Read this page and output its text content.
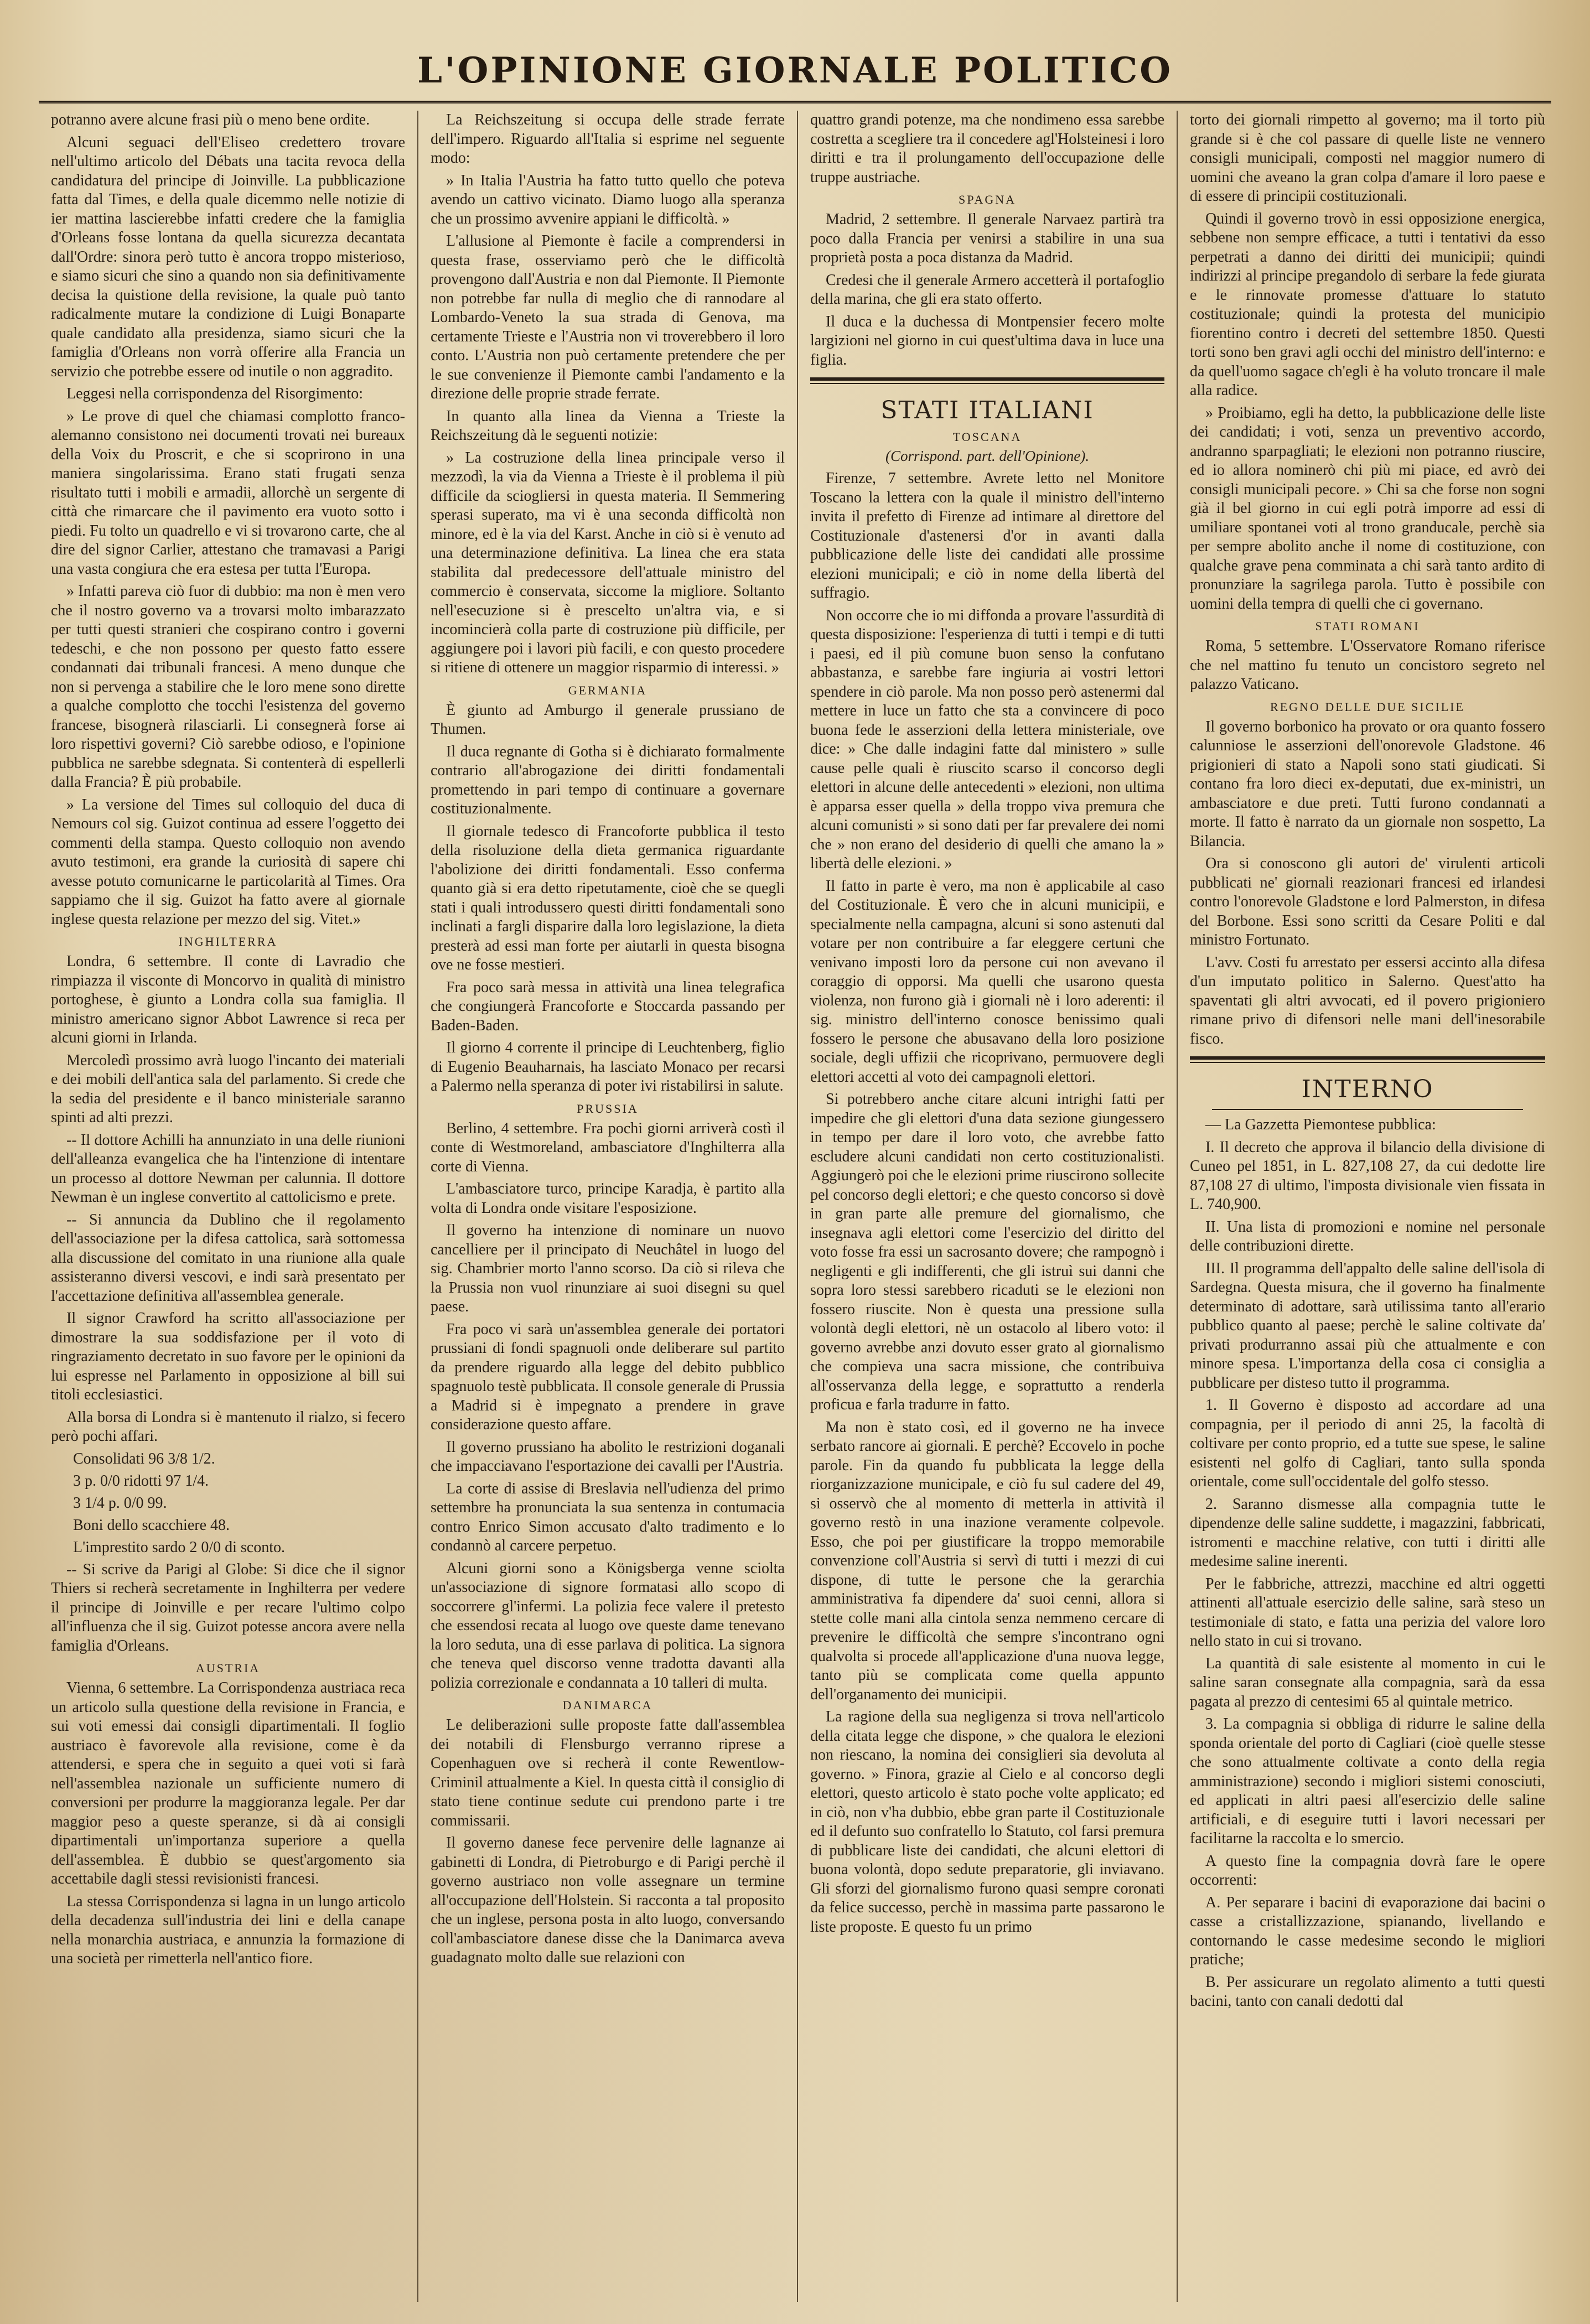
L'OPINIONE GIORNALE POLITICO

potranno avere alcune frasi più o meno bene ordite.

Alcuni seguaci dell'Eliseo credettero trovare nell'ultimo articolo del Débats una tacita revoca della candidatura del principe di Joinville. La pubblicazione fatta dal Times, e della quale dicemmo nelle notizie di ier mattina lascierebbe infatti credere che la famiglia d'Orleans fosse lontana da quella sicurezza decantata dall'Ordre: sinora però tutto è ancora troppo misterioso, e siamo sicuri che sino a quando non sia definitivamente decisa la quistione della revisione, la quale può tanto radicalmente mutare la condizione di Luigi Bonaparte quale candidato alla presidenza, siamo sicuri che la famiglia d'Orleans non vorrà offerire alla Francia un servizio che potrebbe essere od inutile o non aggradito.

Leggesi nella corrispondenza del Risorgimento:

» Le prove di quel che chiamasi complotto franco-alemanno consistono nei documenti trovati nei bureaux della Voix du Proscrit, e che si scoprirono in una maniera singolarissima. Erano stati frugati senza risultato tutti i mobili e armadii, allorchè un sergente di città che rimarcare che il pavimento era vuoto sotto i piedi. Fu tolto un quadrello e vi si trovarono carte, che al dire del signor Carlier, attestano che tramavasi a Parigi una vasta congiura che era estesa per tutta l'Europa.

» Infatti pareva ciò fuor di dubbio: ma non è men vero che il nostro governo va a trovarsi molto imbarazzato per tutti questi stranieri che cospirano contro i governi tedeschi, e che non possono per questo fatto essere condannati dai tribunali francesi. A meno dunque che non si pervenga a stabilire che le loro mene sono dirette a qualche complotto che tocchi l'esistenza del governo francese, bisognerà rilasciarli. Li consegnerà forse ai loro rispettivi governi? Ciò sarebbe odioso, e l'opinione pubblica ne sarebbe sdegnata. Si contenterà di espellerli dalla Francia? È più probabile.

» La versione del Times sul colloquio del duca di Nemours col sig. Guizot continua ad essere l'oggetto dei commenti della stampa. Questo colloquio non avendo avuto testimoni, era grande la curiosità di sapere chi avesse potuto comunicarne le particolarità al Times. Ora sappiamo che il sig. Guizot ha fatto avere al giornale inglese questa relazione per mezzo del sig. Vitet.»

INGHILTERRA

Londra, 6 settembre. Il conte di Lavradio che rimpiazza il visconte di Moncorvo in qualità di ministro portoghese, è giunto a Londra colla sua famiglia. Il ministro americano signor Abbot Lawrence si reca per alcuni giorni in Irlanda.

Mercoledì prossimo avrà luogo l'incanto dei materiali e dei mobili dell'antica sala del parlamento. Si crede che la sedia del presidente e il banco ministeriale saranno spinti ad alti prezzi.

-- Il dottore Achilli ha annunziato in una delle riunioni dell'alleanza evangelica che ha l'intenzione di intentare un processo al dottore Newman per calunnia. Il dottore Newman è un inglese convertito al cattolicismo e prete.

-- Si annuncia da Dublino che il regolamento dell'associazione per la difesa cattolica, sarà sottomessa alla discussione del comitato in una riunione alla quale assisteranno diversi vescovi, e indi sarà presentato per l'accettazione definitiva all'assemblea generale.

Il signor Crawford ha scritto all'associazione per dimostrare la sua soddisfazione per il voto di ringraziamento decretato in suo favore per le opinioni da lui espresse nel Parlamento in opposizione al bill sui titoli ecclesiastici.

Alla borsa di Londra si è mantenuto il rialzo, si fecero però pochi affari.

Consolidati 96 3/8 1/2.
3 p. 0/0 ridotti 97 1/4.
3 1/4 p. 0/0 99.
Boni dello scacchiere 48.
L'imprestito sardo 2 0/0 di sconto.

-- Si scrive da Parigi al Globe: Si dice che il signor Thiers si recherà secretamente in Inghilterra per vedere il principe di Joinville e per recare l'ultimo colpo all'influenza che il sig. Guizot potesse ancora avere nella famiglia d'Orleans.

AUSTRIA

Vienna, 6 settembre. La Corrispondenza austriaca reca un articolo sulla questione della revisione in Francia, e sui voti emessi dai consigli dipartimentali. Il foglio austriaco è favorevole alla revisione, come è da attendersi, e spera che in seguito a quei voti si farà nell'assemblea nazionale un sufficiente numero di conversioni per produrre la maggioranza legale. Per dar maggior peso a queste speranze, si dà ai consigli dipartimentali un'importanza superiore a quella dell'assemblea. È dubbio se quest'argomento sia accettabile dagli stessi revisionisti francesi.

La stessa Corrispondenza si lagna in un lungo articolo della decadenza sull'industria dei lini e della canape nella monarchia austriaca, e annunzia la formazione di una società per rimetterla nell'antico fiore.

La Reichszeitung si occupa delle strade ferrate dell'impero. Riguardo all'Italia si esprime nel seguente modo:

» In Italia l'Austria ha fatto tutto quello che poteva avendo un cattivo vicinato. Diamo luogo alla speranza che un prossimo avvenire appiani le difficoltà. »

L'allusione al Piemonte è facile a comprendersi in questa frase, osserviamo però che le difficoltà provengono dall'Austria e non dal Piemonte. Il Piemonte non potrebbe far nulla di meglio che di rannodare al Lombardo-Veneto la sua strada di Genova, ma certamente Trieste e l'Austria non vi troverebbero il loro conto. L'Austria non può certamente pretendere che per le sue convenienze il Piemonte cambi l'andamento e la direzione delle proprie strade ferrate.

In quanto alla linea da Vienna a Trieste la Reichszeitung dà le seguenti notizie:

» La costruzione della linea principale verso il mezzodì, la via da Vienna a Trieste è il problema il più difficile da sciogliersi in questa materia. Il Semmering sperasi superato, ma vi è una seconda difficoltà non minore, ed è la via del Karst. Anche in ciò si è venuto ad una determinazione definitiva. La linea che era stata stabilita dal predecessore dell'attuale ministro del commercio è conservata, siccome la migliore. Soltanto nell'esecuzione si è prescelto un'altra via, e si incomincierà colla parte di costruzione più difficile, per aggiungere poi i lavori più facili, e con questo procedere si ritiene di ottenere un maggior risparmio di interessi. »

GERMANIA

È giunto ad Amburgo il generale prussiano de Thumen.

Il duca regnante di Gotha si è dichiarato formalmente contrario all'abrogazione dei diritti fondamentali promettendo in pari tempo di continuare a governare costituzionalmente.

Il giornale tedesco di Francoforte pubblica il testo della risoluzione della dieta germanica riguardante l'abolizione dei diritti fondamentali. Esso conferma quanto già si era detto ripetutamente, cioè che se quegli stati i quali introdussero questi diritti fondamentali sono inclinati a fargli disparire dalla loro legislazione, la dieta presterà ad essi man forte per aiutarli in questa bisogna ove ne fosse mestieri.

Fra poco sarà messa in attività una linea telegrafica che congiungerà Francoforte e Stoccarda passando per Baden-Baden.

Il giorno 4 corrente il principe di Leuchtenberg, figlio di Eugenio Beauharnais, ha lasciato Monaco per recarsi a Palermo nella speranza di poter ivi ristabilirsi in salute.

PRUSSIA

Berlino, 4 settembre. Fra pochi giorni arriverà costì il conte di Westmoreland, ambasciatore d'Inghilterra alla corte di Vienna.

L'ambasciatore turco, principe Karadja, è partito alla volta di Londra onde visitare l'esposizione.

Il governo ha intenzione di nominare un nuovo cancelliere per il principato di Neuchâtel in luogo del sig. Chambrier morto l'anno scorso. Da ciò si rileva che la Prussia non vuol rinunziare ai suoi disegni su quel paese.

Fra poco vi sarà un'assemblea generale dei portatori prussiani di fondi spagnuoli onde deliberare sul partito da prendere riguardo alla legge del debito pubblico spagnuolo testè pubblicata. Il console generale di Prussia a Madrid si è impegnato a prendere in grave considerazione questo affare.

Il governo prussiano ha abolito le restrizioni doganali che impacciavano l'esportazione dei cavalli per l'Austria.

La corte di assise di Breslavia nell'udienza del primo settembre ha pronunciata la sua sentenza in contumacia contro Enrico Simon accusato d'alto tradimento e lo condannò al carcere perpetuo.

Alcuni giorni sono a Königsberga venne sciolta un'associazione di signore formatasi allo scopo di soccorrere gl'infermi. La polizia fece valere il pretesto che essendosi recata al luogo ove queste dame tenevano la loro seduta, una di esse parlava di politica. La signora che teneva quel discorso venne tradotta davanti alla polizia correzionale e condannata a 10 talleri di multa.

DANIMARCA

Le deliberazioni sulle proposte fatte dall'assemblea dei notabili di Flensburgo verranno riprese a Copenhaguen ove si recherà il conte Rewentlow-Criminil attualmente a Kiel. In questa città il consiglio di stato tiene continue sedute cui prendono parte i tre commissarii.

Il governo danese fece pervenire delle lagnanze ai gabinetti di Londra, di Pietroburgo e di Parigi perchè il governo austriaco non volle assegnare un termine all'occupazione dell'Holstein. Si racconta a tal proposito che un inglese, persona posta in alto luogo, conversando coll'ambasciatore danese disse che la Danimarca aveva guadagnato molto dalle sue relazioni con

quattro grandi potenze, ma che nondimeno essa sarebbe costretta a scegliere tra il concedere agl'Holsteinesi i loro diritti e tra il prolungamento dell'occupazione delle truppe austriache.

SPAGNA

Madrid, 2 settembre. Il generale Narvaez partirà tra poco dalla Francia per venirsi a stabilire in una sua proprietà posta a poca distanza da Madrid.

Credesi che il generale Armero accetterà il portafoglio della marina, che gli era stato offerto.

Il duca e la duchessa di Montpensier fecero molte largizioni nel giorno in cui quest'ultima dava in luce una figlia.

STATI ITALIANI
TOSCANA
(Corrispond. part. dell'Opinione).

Firenze, 7 settembre. Avrete letto nel Monitore Toscano la lettera con la quale il ministro dell'interno invita il prefetto di Firenze ad intimare al direttore del Costituzionale d'astenersi d'or in avanti dalla pubblicazione delle liste dei candidati alle prossime elezioni municipali; e ciò in nome della libertà del suffragio.

Non occorre che io mi diffonda a provare l'assurdità di questa disposizione: l'esperienza di tutti i tempi e di tutti i paesi, ed il più comune buon senso la confutano abbastanza, e sarebbe fare ingiuria ai vostri lettori spendere in ciò parole. Ma non posso però astenermi dal mettere in luce un fatto che sta a convincere di poco buona fede le asserzioni della lettera ministeriale, ove dice: » Che dalle indagini fatte dal ministero » sulle cause pelle quali è riuscito scarso il concorso degli elettori in alcune delle antecedenti » elezioni, non ultima è apparsa esser quella » della troppo viva premura che alcuni comunisti » si sono dati per far prevalere dei nomi che » non erano del desiderio di quelli che amano la » libertà delle elezioni. »

Il fatto in parte è vero, ma non è applicabile al caso del Costituzionale. È vero che in alcuni municipii, e specialmente nella campagna, alcuni si sono astenuti dal votare per non contribuire a far eleggere certuni che venivano imposti loro da persone cui non avevano il coraggio di opporsi. Ma quelli che usarono questa violenza, non furono già i giornali nè i loro aderenti: il sig. ministro dell'interno conosce benissimo quali fossero le persone che abusavano della loro posizione sociale, degli uffizii che ricoprivano, permuovere degli elettori accetti al voto dei campagnoli elettori.

Si potrebbero anche citare alcuni intrighi fatti per impedire che gli elettori d'una data sezione giungessero in tempo per dare il loro voto, che avrebbe fatto escludere alcuni candidati non certo costituzionalisti. Aggiungerò poi che le elezioni prime riuscirono sollecite pel concorso degli elettori; e che questo concorso si dovè in gran parte alle premure del giornalismo, che insegnava agli elettori come l'esercizio del diritto del voto fosse fra essi un sacrosanto dovere; che rampognò i negligenti e gli indifferenti, che gli istruì sui danni che sopra loro stessi sarebbero ricaduti se le elezioni non fossero riuscite. Non è questa una pressione sulla volontà degli elettori, nè un ostacolo al libero voto: il governo avrebbe anzi dovuto esser grato al giornalismo che compieva una sacra missione, che contribuiva all'osservanza della legge, e soprattutto a renderla proficua e farla tradurre in fatto.

Ma non è stato così, ed il governo ne ha invece serbato rancore ai giornali. E perchè? Eccovelo in poche parole. Fin da quando fu pubblicata la legge della riorganizzazione municipale, e ciò fu sul cadere del 49, si osservò che al momento di metterla in attività il governo restò in una inazione veramente colpevole. Esso, che poi per giustificare la troppo memorabile convenzione coll'Austria si servì di tutti i mezzi di cui dispone, di tutte le persone che la gerarchia amministrativa fa dipendere da' suoi cenni, allora si stette colle mani alla cintola senza nemmeno cercare di prevenire le difficoltà che sempre s'incontrano ogni qualvolta si procede all'applicazione d'una nuova legge, tanto più se complicata come quella appunto dell'organamento dei municipii.

La ragione della sua negligenza si trova nell'articolo della citata legge che dispone, » che qualora le elezioni non riescano, la nomina dei consiglieri sia devoluta al governo. » Finora, grazie al Cielo e al concorso degli elettori, questo articolo è stato poche volte applicato; ed in ciò, non v'ha dubbio, ebbe gran parte il Costituzionale ed il defunto suo confratello lo Statuto, col farsi premura di pubblicare liste dei candidati, che alcuni elettori di buona volontà, dopo sedute preparatorie, gli inviavano. Gli sforzi del giornalismo furono quasi sempre coronati da felice successo, perchè in massima parte passarono le liste proposte. E questo fu un primo

torto dei giornali rimpetto al governo; ma il torto più grande si è che col passare di quelle liste ne vennero consigli municipali, composti nel maggior numero di uomini che aveano la gran colpa d'amare il loro paese e di essere di principii costituzionali.

Quindi il governo trovò in essi opposizione energica, sebbene non sempre efficace, a tutti i tentativi da esso perpetrati a danno dei diritti dei municipii; quindi indirizzi al principe pregandolo di serbare la fede giurata e le rinnovate promesse d'attuare lo statuto costituzionale; quindi la protesta del municipio fiorentino contro i decreti del settembre 1850. Questi torti sono ben gravi agli occhi del ministro dell'interno: e da quell'uomo sagace ch'egli è ha voluto troncare il male alla radice.

» Proibiamo, egli ha detto, la pubblicazione delle liste dei candidati; i voti, senza un preventivo accordo, andranno sparpagliati; le elezioni non potranno riuscire, ed io allora nominerò chi più mi piace, ed avrò dei consigli municipali pecore. » Chi sa che forse non sogni già il bel giorno in cui egli potrà imporre ad essi di umiliare spontanei voti al trono granducale, perchè sia per sempre abolito anche il nome di costituzione, con qualche grave pena comminata a chi sarà tanto ardito di pronunziare la sagrilega parola. Tutto è possibile con uomini della tempra di quelli che ci governano.

STATI ROMANI

Roma, 5 settembre. L'Osservatore Romano riferisce che nel mattino fu tenuto un concistoro segreto nel palazzo Vaticano.

REGNO DELLE DUE SICILIE

Il governo borbonico ha provato or ora quanto fossero calunniose le asserzioni dell'onorevole Gladstone. 46 prigionieri di stato a Napoli sono stati giudicati. Si contano fra loro dieci ex-deputati, due ex-ministri, un ambasciatore e due preti. Tutti furono condannati a morte. Il fatto è narrato da un giornale non sospetto, La Bilancia.

Ora si conoscono gli autori de' virulenti articoli pubblicati ne' giornali reazionari francesi ed irlandesi contro l'onorevole Gladstone e lord Palmerston, in difesa del Borbone. Essi sono scritti da Cesare Politi e dal ministro Fortunato.

L'avv. Costi fu arrestato per essersi accinto alla difesa d'un imputato politico in Salerno. Quest'atto ha spaventati gli altri avvocati, ed il povero prigioniero rimane privo di difensori nelle mani dell'inesorabile fisco.

INTERNO

— La Gazzetta Piemontese pubblica:

I. Il decreto che approva il bilancio della divisione di Cuneo pel 1851, in L. 827,108 27, da cui dedotte lire 87,108 27 di ultimo, l'imposta divisionale vien fissata in L. 740,900.

II. Una lista di promozioni e nomine nel personale delle contribuzioni dirette.

III. Il programma dell'appalto delle saline dell'isola di Sardegna. Questa misura, che il governo ha finalmente determinato di adottare, sarà utilissima tanto all'erario pubblico quanto al paese; perchè le saline coltivate da' privati produrranno assai più che attualmente e con minore spesa. L'importanza della cosa ci consiglia a pubblicare per disteso tutto il programma.

1. Il Governo è disposto ad accordare ad una compagnia, per il periodo di anni 25, la facoltà di coltivare per conto proprio, ed a tutte sue spese, le saline esistenti nel golfo di Cagliari, tanto sulla sponda orientale, come sull'occidentale del golfo stesso.

2. Saranno dismesse alla compagnia tutte le dipendenze delle saline suddette, i magazzini, fabbricati, istromenti e macchine relative, con tutti i diritti alle medesime saline inerenti.

Per le fabbriche, attrezzi, macchine ed altri oggetti attinenti all'attuale esercizio delle saline, sarà steso un testimoniale di stato, e fatta una perizia del valore loro nello stato in cui si trovano.

La quantità di sale esistente al momento in cui le saline saran consegnate alla compagnia, sarà da essa pagata al prezzo di centesimi 65 al quintale metrico.

3. La compagnia si obbliga di ridurre le saline della sponda orientale del porto di Cagliari (cioè quelle stesse che sono attualmente coltivate a conto della regia amministrazione) secondo i migliori sistemi conosciuti, ed applicati in altri paesi all'esercizio delle saline artificiali, e di eseguire tutti i lavori necessari per facilitarne la raccolta e lo smercio.

A questo fine la compagnia dovrà fare le opere occorrenti:

A. Per separare i bacini di evaporazione dai bacini o casse a cristallizzazione, spianando, livellando e contornando le casse medesime secondo le migliori pratiche;

B. Per assicurare un regolato alimento a tutti questi bacini, tanto con canali dedotti dal
